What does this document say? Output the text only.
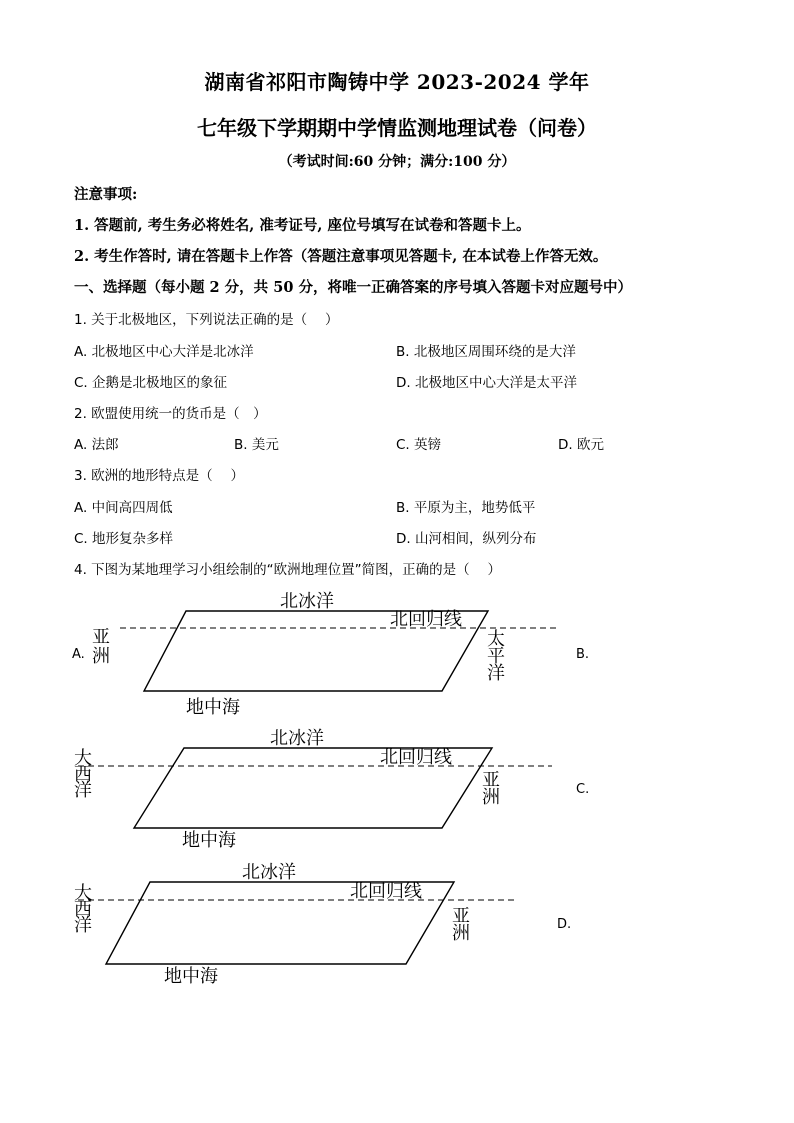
湖南省祁阳市陶铸中学 2023-2024 学年
七年级下学期期中学情监测地理试卷（问卷）
（考试时间:60 分钟；满分:100 分）
注意事项:
1. 答题前, 考生务必将姓名, 准考证号, 座位号填写在试卷和答题卡上。
2. 考生作答时, 请在答题卡上作答（答题注意事项见答题卡, 在本试卷上作答无效。
一、选择题（每小题 2 分，共 50 分，将唯一正确答案的序号填入答题卡对应题号中）
1. 关于北极地区，下列说法正确的是（　 ）
A. 北极地区中心大洋是北冰洋	B. 北极地区周围环绕的是大洋
C. 企鹅是北极地区的象征	D. 北极地区中心大洋是太平洋
2. 欧盟使用统一的货币是（　）
A. 法郎	B. 美元	C. 英镑	D. 欧元
3. 欧洲的地形特点是（　 ）
A. 中间高四周低	B. 平原为主，地势低平
C. 地形复杂多样	D. 山河相间，纵列分布
4. 下图为某地理学习小组绘制的“欧洲地理位置”简图，正确的是（　 ）
A.	B.
北冰洋
北回归线
地中海
亚
洲
太
平
洋
C.
北冰洋
北回归线
地中海
大
西
洋	亚
洲
D.
北冰洋
北回归线
地中海
大
西
洋	亚
洲
